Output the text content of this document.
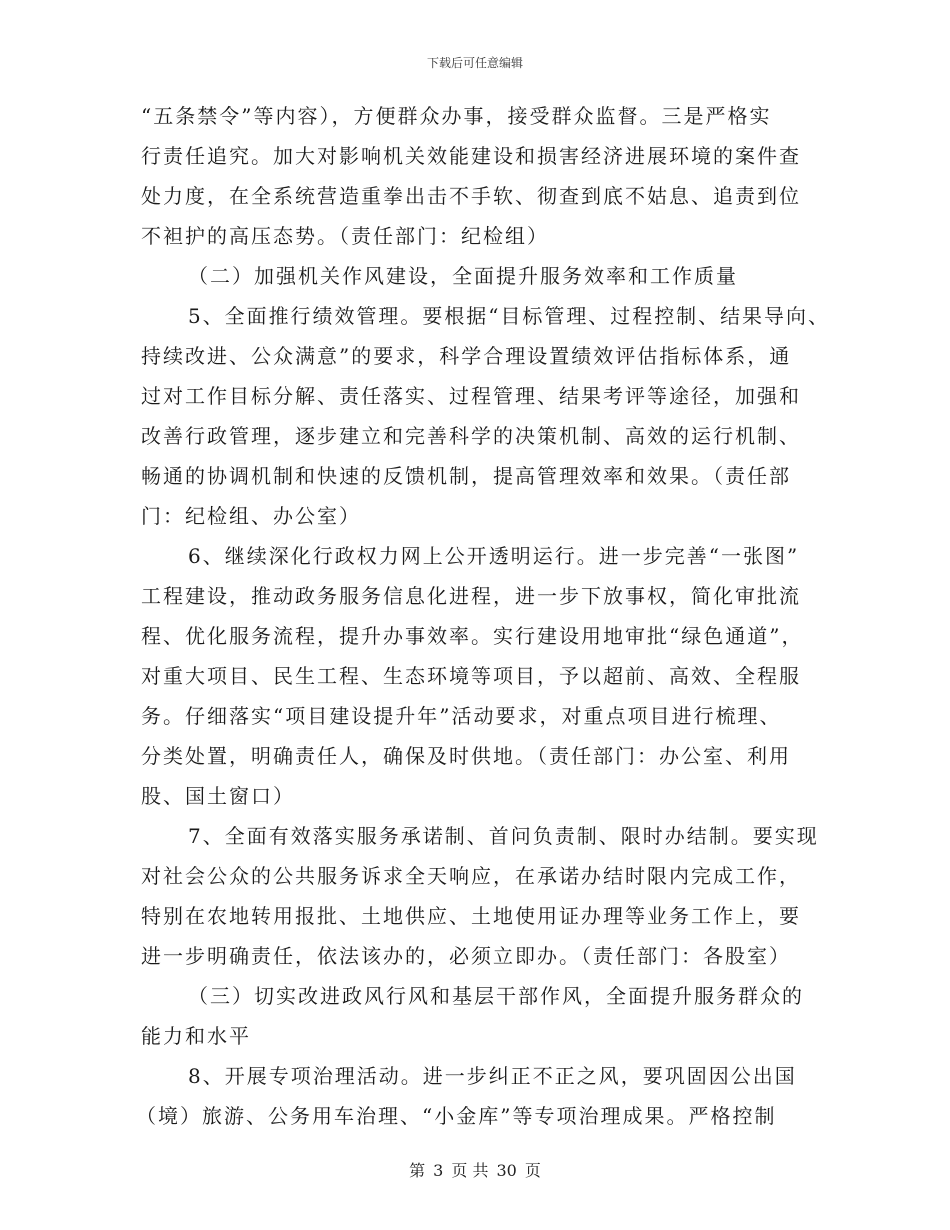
下载后可任意编辑
“五条禁令”等内容），方便群众办事，接受群众监督。三是严格实
行责任追究。加大对影响机关效能建设和损害经济进展环境的案件查
处力度，在全系统营造重拳出击不手软、彻查到底不姑息、追责到位
不袒护的高压态势。（责任部门：纪检组）
（二）加强机关作风建设，全面提升服务效率和工作质量
5、全面推行绩效管理。要根据“目标管理、过程控制、结果导向、
持续改进、公众满意”的要求，科学合理设置绩效评估指标体系，通
过对工作目标分解、责任落实、过程管理、结果考评等途径，加强和
改善行政管理，逐步建立和完善科学的决策机制、高效的运行机制、
畅通的协调机制和快速的反馈机制，提高管理效率和效果。（责任部
门：纪检组、办公室）
6、继续深化行政权力网上公开透明运行。进一步完善“一张图”
工程建设，推动政务服务信息化进程，进一步下放事权，简化审批流
程、优化服务流程，提升办事效率。实行建设用地审批“绿色通道”，
对重大项目、民生工程、生态环境等项目，予以超前、高效、全程服
务。仔细落实“项目建设提升年”活动要求，对重点项目进行梳理、
分类处置，明确责任人，确保及时供地。（责任部门：办公室、利用
股、国土窗口）
7、全面有效落实服务承诺制、首问负责制、限时办结制。要实现
对社会公众的公共服务诉求全天响应，在承诺办结时限内完成工作，
特别在农地转用报批、土地供应、土地使用证办理等业务工作上，要
进一步明确责任，依法该办的，必须立即办。（责任部门：各股室）
（三）切实改进政风行风和基层干部作风，全面提升服务群众的
能力和水平
8、开展专项治理活动。进一步纠正不正之风，要巩固因公出国
（境）旅游、公务用车治理、“小金库”等专项治理成果。严格控制
第 3 页 共 30 页
